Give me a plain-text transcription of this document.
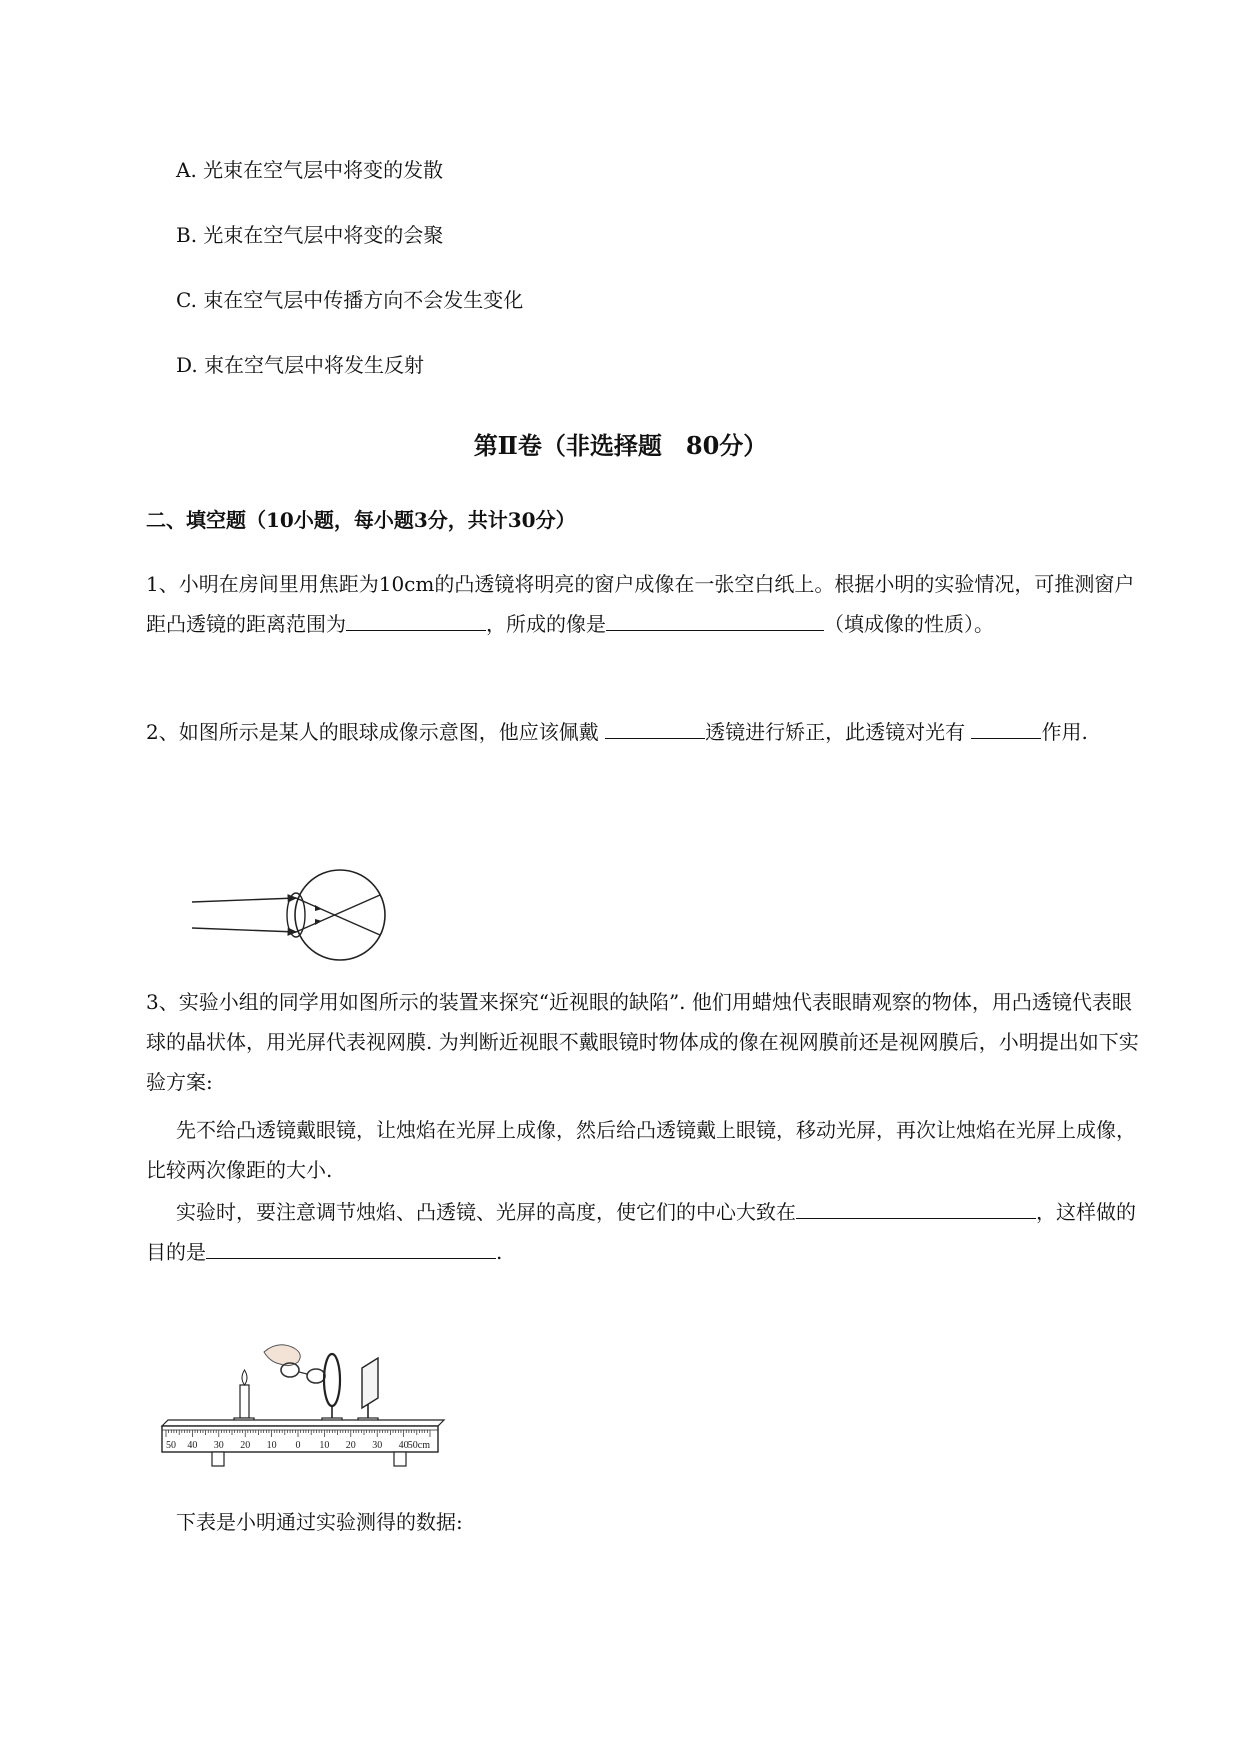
A. 光束在空气层中将变的发散
B. 光束在空气层中将变的会聚
C. 束在空气层中传播方向不会发生变化
D. 束在空气层中将发生反射
第Ⅱ卷（非选择题　80分）
二、填空题（10小题，每小题3分，共计30分）
1、小明在房间里用焦距为10cm的凸透镜将明亮的窗户成像在一张空白纸上。根据小明的实验情况，可推测窗户距凸透镜的距离范围为	，所成的像是	（填成像的性质）。
2、如图所示是某人的眼球成像示意图，他应该佩戴	透镜进行矫正，此透镜对光有	作用.
3、实验小组的同学用如图所示的装置来探究“近视眼的缺陷”. 他们用蜡烛代表眼睛观察的物体，用凸透镜代表眼球的晶状体，用光屏代表视网膜. 为判断近视眼不戴眼镜时物体成的像在视网膜前还是视网膜后，小明提出如下实验方案:
先不给凸透镜戴眼镜，让烛焰在光屏上成像，然后给凸透镜戴上眼镜，移动光屏，再次让烛焰在光屏上成像，比较两次像距的大小.
实验时，要注意调节烛焰、凸透镜、光屏的高度，使它们的中心大致在	，这样做的目的是	.
50 40 30 20 10 0 10 20 30 40 50cm
下表是小明通过实验测得的数据:
